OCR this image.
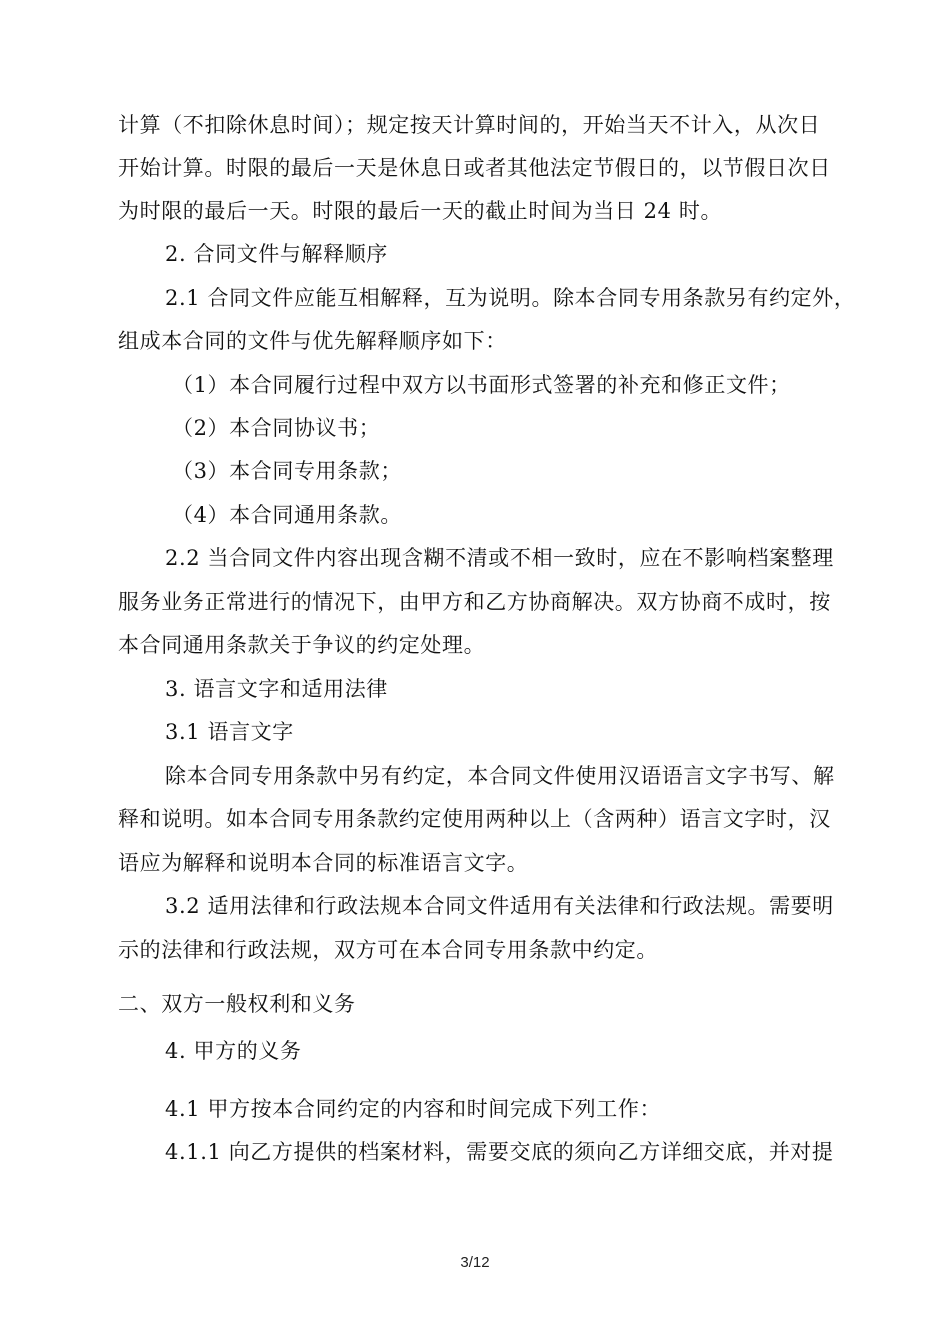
计算（不扣除休息时间）；规定按天计算时间的，开始当天不计入，从次日
开始计算。时限的最后一天是休息日或者其他法定节假日的，以节假日次日
为时限的最后一天。时限的最后一天的截止时间为当日 24 时。
2. 合同文件与解释顺序
2.1 合同文件应能互相解释，互为说明。除本合同专用条款另有约定外，
组成本合同的文件与优先解释顺序如下：
（1）本合同履行过程中双方以书面形式签署的补充和修正文件；
（2）本合同协议书；
（3）本合同专用条款；
（4）本合同通用条款。
2.2 当合同文件内容出现含糊不清或不相一致时，应在不影响档案整理
服务业务正常进行的情况下，由甲方和乙方协商解决。双方协商不成时，按
本合同通用条款关于争议的约定处理。
3. 语言文字和适用法律
3.1 语言文字
除本合同专用条款中另有约定，本合同文件使用汉语语言文字书写、解
释和说明。如本合同专用条款约定使用两种以上（含两种）语言文字时，汉
语应为解释和说明本合同的标准语言文字。
3.2 适用法律和行政法规本合同文件适用有关法律和行政法规。需要明
示的法律和行政法规，双方可在本合同专用条款中约定。
二、双方一般权利和义务
4. 甲方的义务
4.1 甲方按本合同约定的内容和时间完成下列工作：
4.1.1 向乙方提供的档案材料，需要交底的须向乙方详细交底，并对提
3/12
